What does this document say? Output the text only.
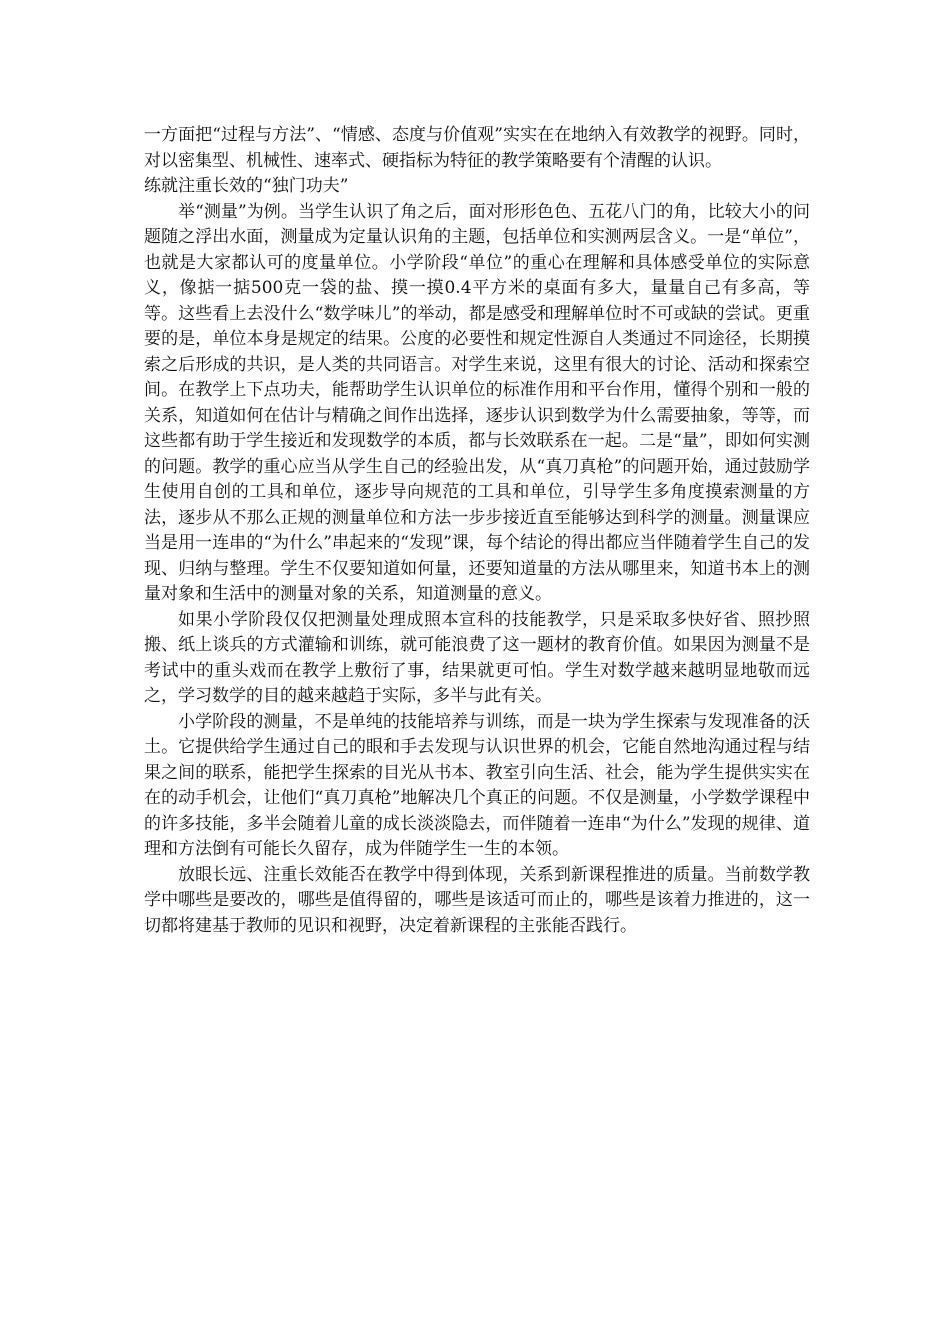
一方面把“过程与方法”、“情感、态度与价值观”实实在在地纳入有效教学的视野。同时，对以密集型、机械性、速率式、硬指标为特征的教学策略要有个清醒的认识。

练就注重长效的“独门功夫”

举“测量”为例。当学生认识了角之后，面对形形色色、五花八门的角，比较大小的问题随之浮出水面，测量成为定量认识角的主题，包括单位和实测两层含义。一是“单位”，也就是大家都认可的度量单位。小学阶段“单位”的重心在理解和具体感受单位的实际意义，像掂一掂500克一袋的盐、摸一摸0.4平方米的桌面有多大，量量自己有多高，等等。这些看上去没什么“数学味儿”的举动，都是感受和理解单位时不可或缺的尝试。更重要的是，单位本身是规定的结果。公度的必要性和规定性源自人类通过不同途径，长期摸索之后形成的共识，是人类的共同语言。对学生来说，这里有很大的讨论、活动和探索空间。在教学上下点功夫，能帮助学生认识单位的标准作用和平台作用，懂得个别和一般的关系，知道如何在估计与精确之间作出选择，逐步认识到数学为什么需要抽象，等等，而这些都有助于学生接近和发现数学的本质，都与长效联系在一起。二是“量”，即如何实测的问题。教学的重心应当从学生自己的经验出发，从“真刀真枪”的问题开始，通过鼓励学生使用自创的工具和单位，逐步导向规范的工具和单位，引导学生多角度摸索测量的方法，逐步从不那么正规的测量单位和方法一步步接近直至能够达到科学的测量。测量课应当是用一连串的“为什么”串起来的“发现”课，每个结论的得出都应当伴随着学生自己的发现、归纳与整理。学生不仅要知道如何量，还要知道量的方法从哪里来，知道书本上的测量对象和生活中的测量对象的关系，知道测量的意义。

如果小学阶段仅仅把测量处理成照本宣科的技能教学，只是采取多快好省、照抄照搬、纸上谈兵的方式灌输和训练，就可能浪费了这一题材的教育价值。如果因为测量不是考试中的重头戏而在教学上敷衍了事，结果就更可怕。学生对数学越来越明显地敬而远之，学习数学的目的越来越趋于实际，多半与此有关。

小学阶段的测量，不是单纯的技能培养与训练，而是一块为学生探索与发现准备的沃土。它提供给学生通过自己的眼和手去发现与认识世界的机会，它能自然地沟通过程与结果之间的联系，能把学生探索的目光从书本、教室引向生活、社会，能为学生提供实实在在的动手机会，让他们“真刀真枪”地解决几个真正的问题。不仅是测量，小学数学课程中的许多技能，多半会随着儿童的成长淡淡隐去，而伴随着一连串“为什么”发现的规律、道理和方法倒有可能长久留存，成为伴随学生一生的本领。

放眼长远、注重长效能否在教学中得到体现，关系到新课程推进的质量。当前数学教学中哪些是要改的，哪些是值得留的，哪些是该适可而止的，哪些是该着力推进的，这一切都将建基于教师的见识和视野，决定着新课程的主张能否践行。
